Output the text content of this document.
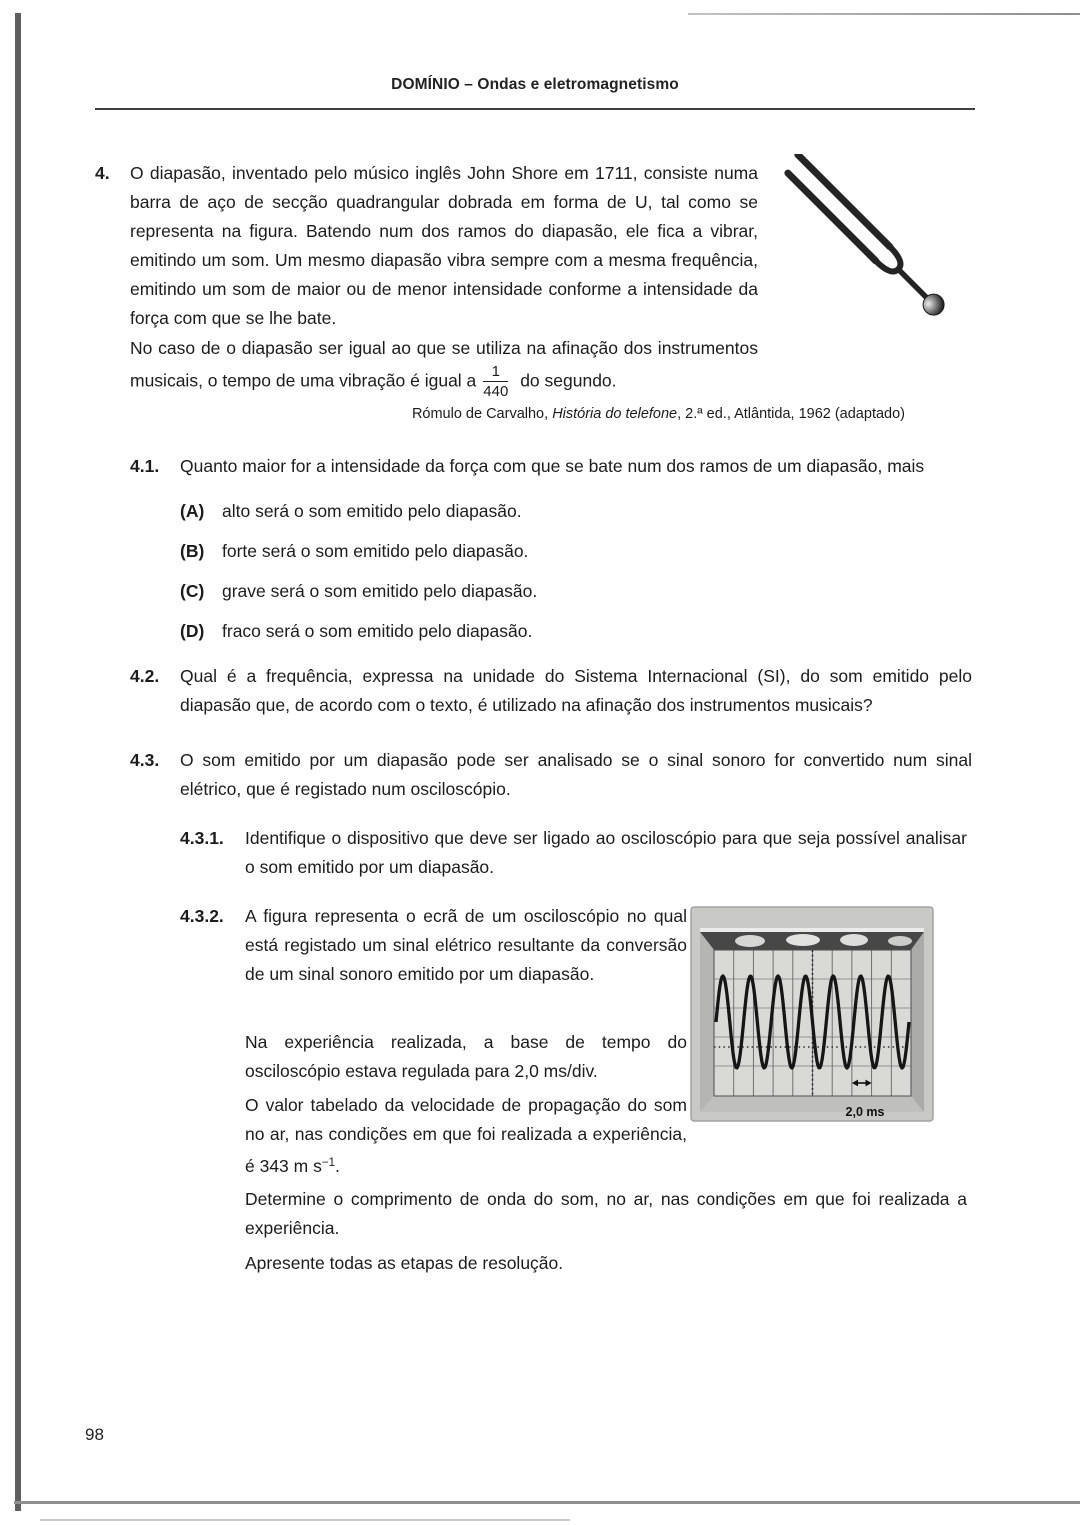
DOMÍNIO – Ondas e eletromagnetismo
4. O diapasão, inventado pelo músico inglês John Shore em 1711, consiste numa barra de aço de secção quadrangular dobrada em forma de U, tal como se representa na figura. Batendo num dos ramos do diapasão, ele fica a vibrar, emitindo um som. Um mesmo diapasão vibra sempre com a mesma frequência, emitindo um som de maior ou de menor intensidade conforme a intensidade da força com que se lhe bate.

No caso de o diapasão ser igual ao que se utiliza na afinação dos instrumentos musicais, o tempo de uma vibração é igual a $\frac{1}{440}$ do segundo.

Rómulo de Carvalho, História do telefone, 2.ª ed., Atlântida, 1962 (adaptado)
4.1. Quanto maior for a intensidade da força com que se bate num dos ramos de um diapasão, mais

(A)	alto será o som emitido pelo diapasão.
(B)	forte será o som emitido pelo diapasão.
(C)	grave será o som emitido pelo diapasão.
(D)	fraco será o som emitido pelo diapasão.
4.2. Qual é a frequência, expressa na unidade do Sistema Internacional (SI), do som emitido pelo diapasão que, de acordo com o texto, é utilizado na afinação dos instrumentos musicais?

4.3. O som emitido por um diapasão pode ser analisado se o sinal sonoro for convertido num sinal elétrico, que é registado num osciloscópio.

4.3.1. Identifique o dispositivo que deve ser ligado ao osciloscópio para que seja possível analisar o som emitido por um diapasão.

4.3.2. A figura representa o ecrã de um osciloscópio no qual está registado um sinal elétrico resultante da conversão de um sinal sonoro emitido por um diapasão.

Na experiência realizada, a base de tempo do osciloscópio estava regulada para 2,0 ms/div.

O valor tabelado da velocidade de propagação do som no ar, nas condições em que foi realizada a experiência, é 343 m $s^{-1}$.

Determine o comprimento de onda do som, no ar, nas condições em que foi realizada a experiência.

Apresente todas as etapas de resolução.

2,0 ms
98
